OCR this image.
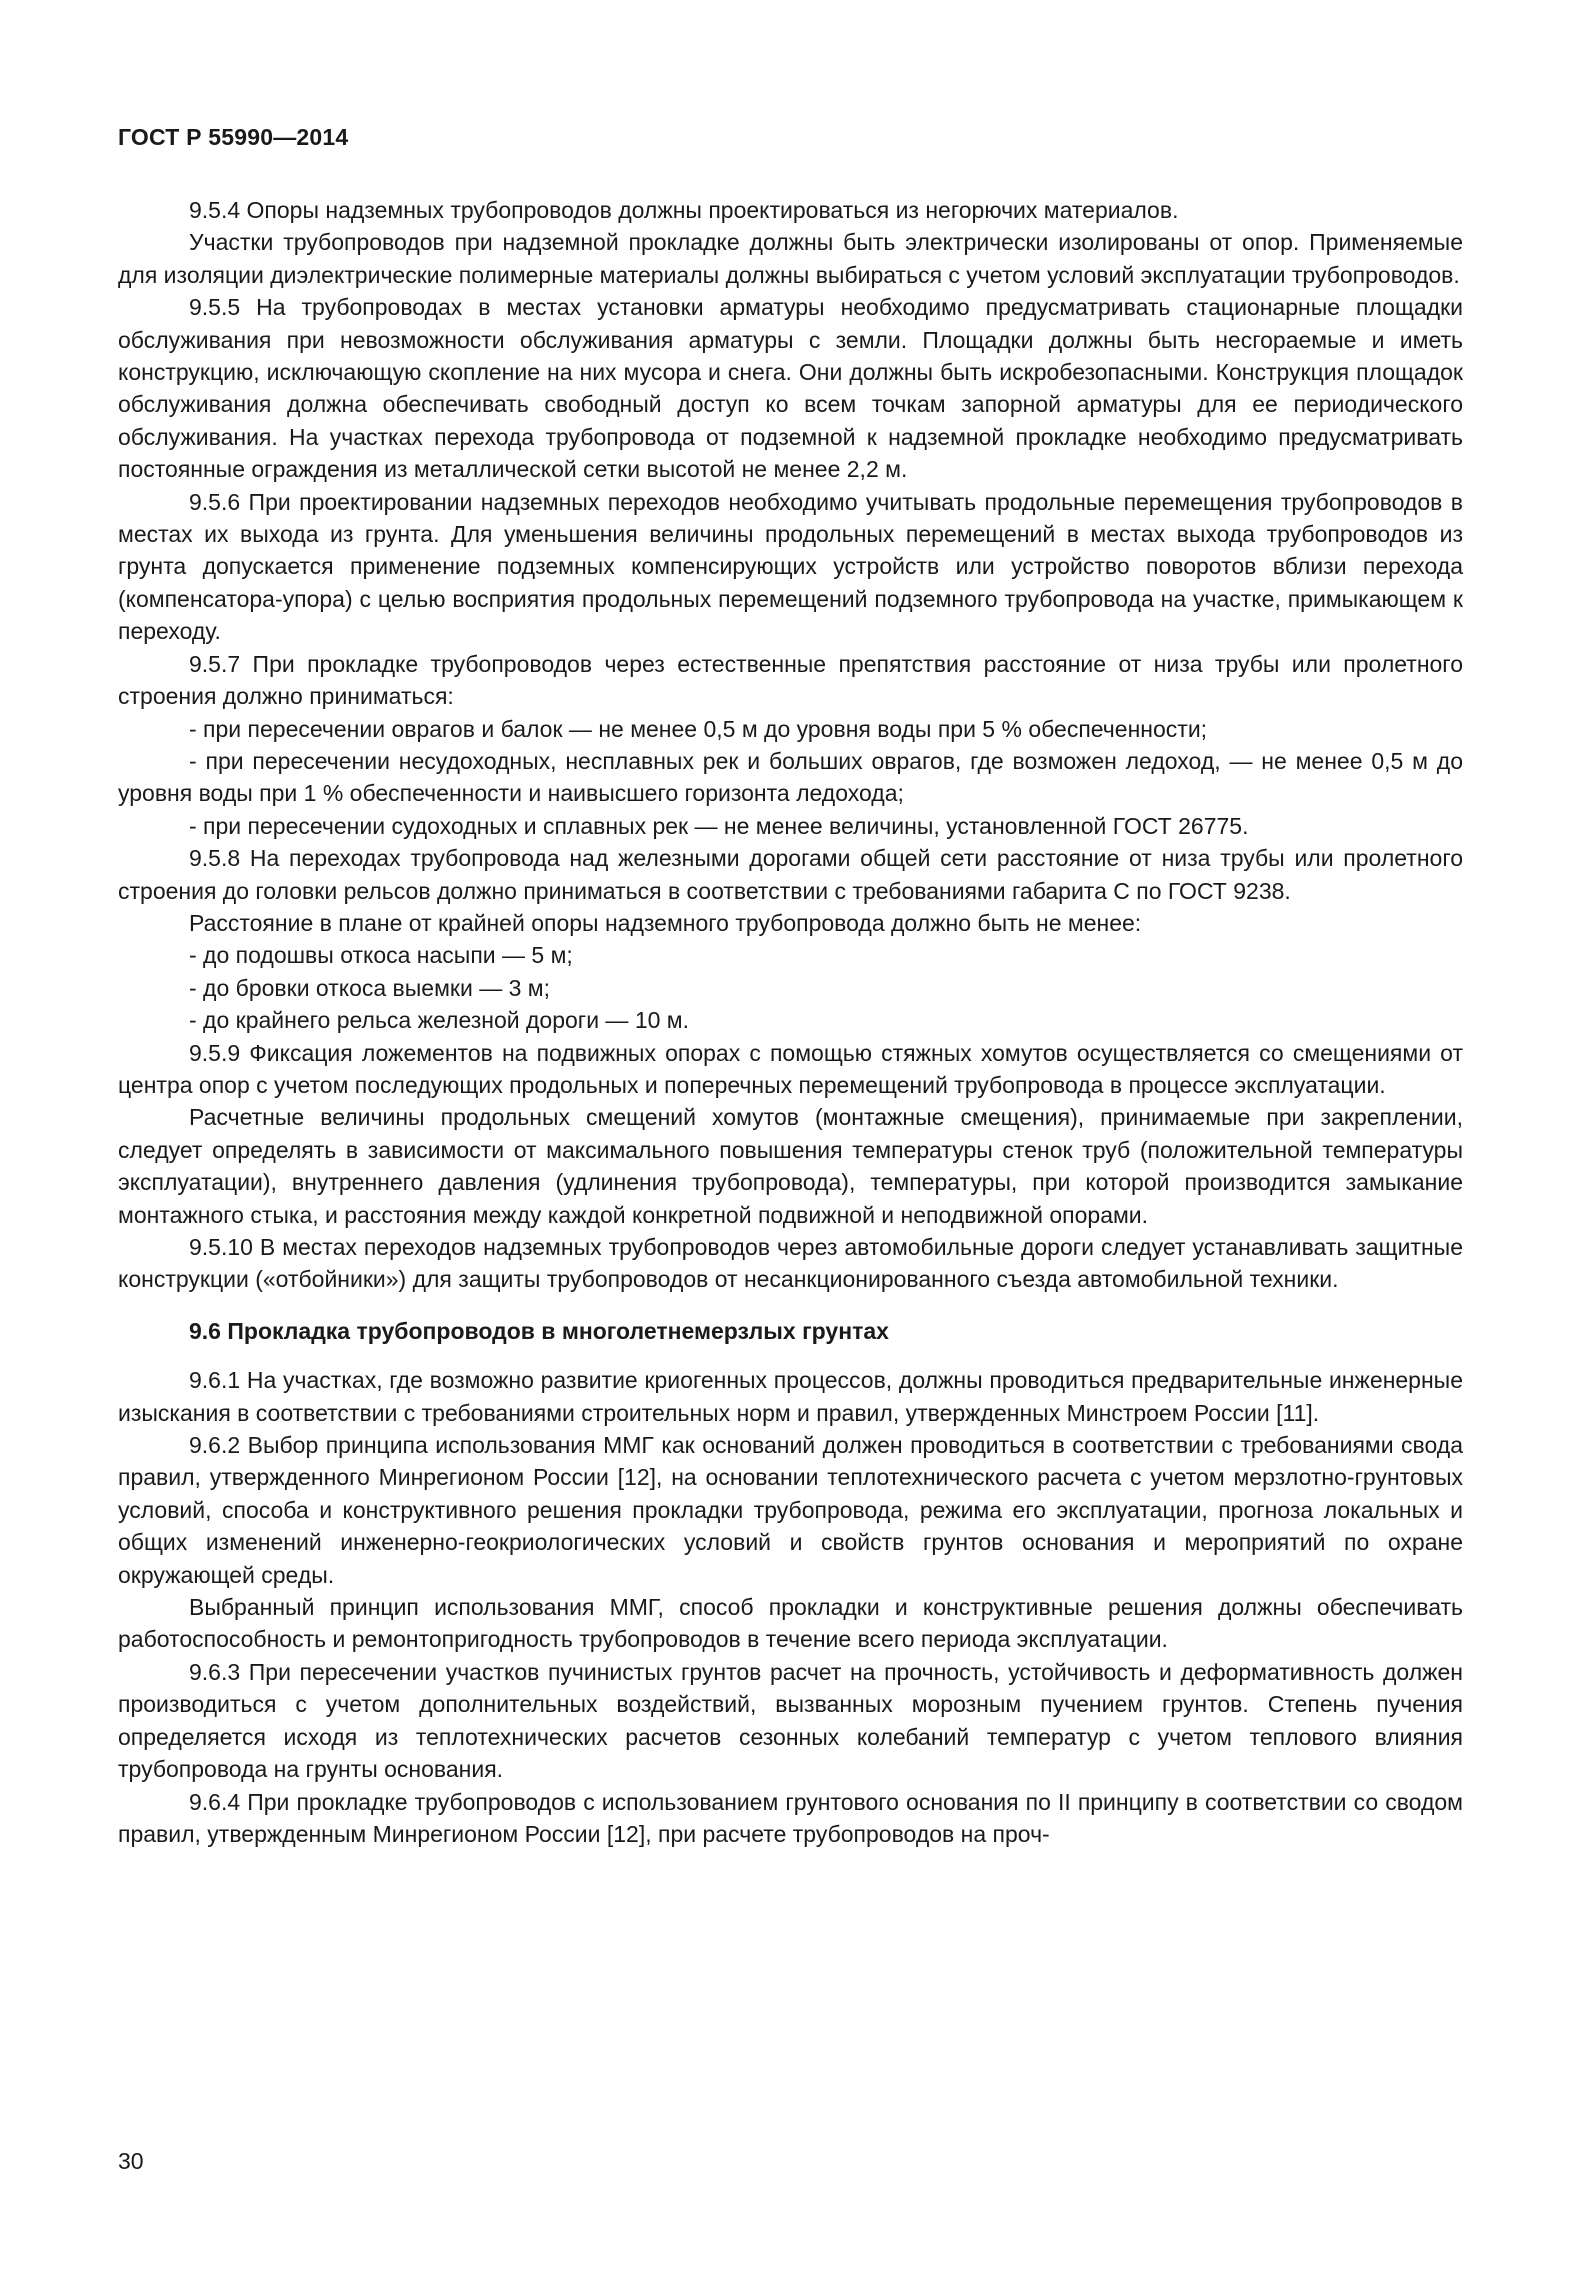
ГОСТ Р 55990—2014

9.5.4 Опоры надземных трубопроводов должны проектироваться из негорючих материалов.

Участки трубопроводов при надземной прокладке должны быть электрически изолированы от опор. Применяемые для изоляции диэлектрические полимерные материалы должны выбираться с учетом условий эксплуатации трубопроводов.

9.5.5 На трубопроводах в местах установки арматуры необходимо предусматривать стационарные площадки обслуживания при невозможности обслуживания арматуры с земли. Площадки должны быть несгораемые и иметь конструкцию, исключающую скопление на них мусора и снега. Они должны быть искробезопасными. Конструкция площадок обслуживания должна обеспечивать свободный доступ ко всем точкам запорной арматуры для ее периодического обслуживания. На участках перехода трубопровода от подземной к надземной прокладке необходимо предусматривать постоянные ограждения из металлической сетки высотой не менее 2,2 м.

9.5.6 При проектировании надземных переходов необходимо учитывать продольные перемещения трубопроводов в местах их выхода из грунта. Для уменьшения величины продольных перемещений в местах выхода трубопроводов из грунта допускается применение подземных компенсирующих устройств или устройство поворотов вблизи перехода (компенсатора-упора) с целью восприятия продольных перемещений подземного трубопровода на участке, примыкающем к переходу.

9.5.7 При прокладке трубопроводов через естественные препятствия расстояние от низа трубы или пролетного строения должно приниматься:

- при пересечении оврагов и балок — не менее 0,5 м до уровня воды при 5 % обеспеченности;

- при пересечении несудоходных, несплавных рек и больших оврагов, где возможен ледоход, — не менее 0,5 м до уровня воды при 1 % обеспеченности и наивысшего горизонта ледохода;

- при пересечении судоходных и сплавных рек — не менее величины, установленной ГОСТ 26775.

9.5.8 На переходах трубопровода над железными дорогами общей сети расстояние от низа трубы или пролетного строения до головки рельсов должно приниматься в соответствии с требованиями габарита С по ГОСТ 9238.

Расстояние в плане от крайней опоры надземного трубопровода должно быть не менее:

- до подошвы откоса насыпи — 5 м;

- до бровки откоса выемки — 3 м;

- до крайнего рельса железной дороги — 10 м.

9.5.9 Фиксация ложементов на подвижных опорах с помощью стяжных хомутов осуществляется со смещениями от центра опор с учетом последующих продольных и поперечных перемещений трубопровода в процессе эксплуатации.

Расчетные величины продольных смещений хомутов (монтажные смещения), принимаемые при закреплении, следует определять в зависимости от максимального повышения температуры стенок труб (положительной температуры эксплуатации), внутреннего давления (удлинения трубопровода), температуры, при которой производится замыкание монтажного стыка, и расстояния между каждой конкретной подвижной и неподвижной опорами.

9.5.10 В местах переходов надземных трубопроводов через автомобильные дороги следует устанавливать защитные конструкции («отбойники») для защиты трубопроводов от несанкционированного съезда автомобильной техники.

9.6 Прокладка трубопроводов в многолетнемерзлых грунтах

9.6.1 На участках, где возможно развитие криогенных процессов, должны проводиться предварительные инженерные изыскания в соответствии с требованиями строительных норм и правил, утвержденных Минстроем России [11].

9.6.2 Выбор принципа использования ММГ как оснований должен проводиться в соответствии с требованиями свода правил, утвержденного Минрегионом России [12], на основании теплотехнического расчета с учетом мерзлотно-грунтовых условий, способа и конструктивного решения прокладки трубопровода, режима его эксплуатации, прогноза локальных и общих изменений инженерно-геокриологических условий и свойств грунтов основания и мероприятий по охране окружающей среды.

Выбранный принцип использования ММГ, способ прокладки и конструктивные решения должны обеспечивать работоспособность и ремонтопригодность трубопроводов в течение всего периода эксплуатации.

9.6.3 При пересечении участков пучинистых грунтов расчет на прочность, устойчивость и деформативность должен производиться с учетом дополнительных воздействий, вызванных морозным пучением грунтов. Степень пучения определяется исходя из теплотехнических расчетов сезонных колебаний температур с учетом теплового влияния трубопровода на грунты основания.

9.6.4 При прокладке трубопроводов с использованием грунтового основания по II принципу в соответствии со сводом правил, утвержденным Минрегионом России [12], при расчете трубопроводов на проч-

30
